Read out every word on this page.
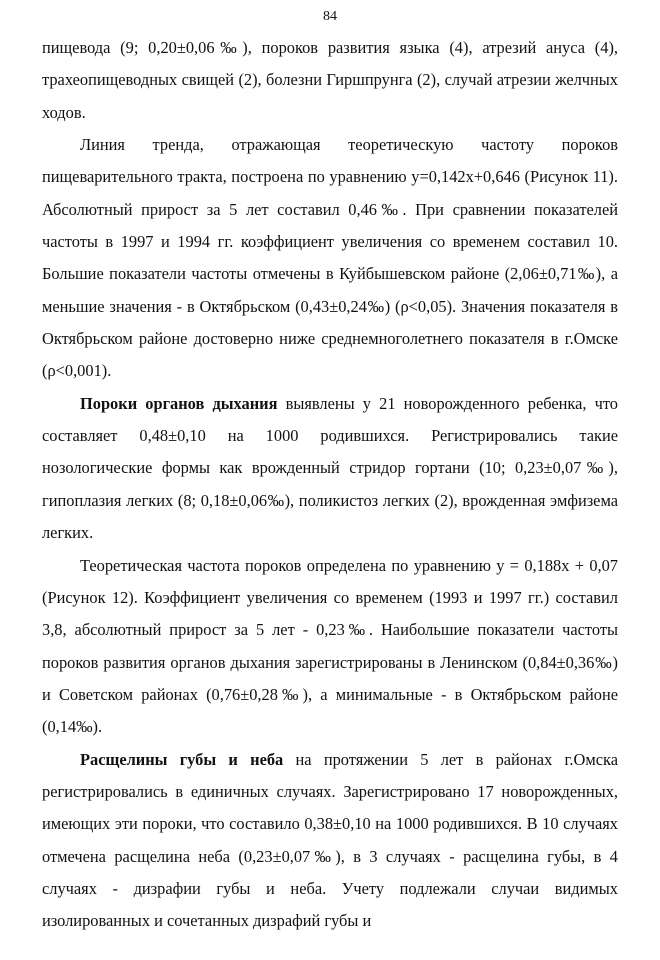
84

пищевода (9; 0,20±0,06‰), пороков развития языка (4), атрезий ануса (4), трахеопищеводных свищей (2), болезни Гиршпрунга (2), случай атрезии желчных ходов.

Линия тренда, отражающая теоретическую частоту пороков пищеварительного тракта, построена по уравнению y=0,142x+0,646 (Рисунок 11). Абсолютный прирост за 5 лет составил 0,46‰. При сравнении показателей частоты в 1997 и 1994 гг. коэффициент увеличения со временем составил 10. Большие показатели частоты отмечены в Куйбышевском районе (2,06±0,71‰), а меньшие значения - в Октябрьском (0,43±0,24‰) (ρ<0,05). Значения показателя в Октябрьском районе достоверно ниже среднемноголетнего показателя в г.Омске (ρ<0,001).

Пороки органов дыхания выявлены у 21 новорожденного ребенка, что составляет 0,48±0,10 на 1000 родившихся. Регистрировались такие нозологические формы как врожденный стридор гортани (10; 0,23±0,07‰), гипоплазия легких (8; 0,18±0,06‰), поликистоз легких (2), врожденная эмфизема легких.

Теоретическая частота пороков определена по уравнению y = 0,188x + 0,07 (Рисунок 12). Коэффициент увеличения со временем (1993 и 1997 гг.) составил 3,8, абсолютный прирост за 5 лет - 0,23‰. Наибольшие показатели частоты пороков развития органов дыхания зарегистрированы в Ленинском (0,84±0,36‰) и Советском районах (0,76±0,28‰), а минимальные - в Октябрьском районе (0,14‰).

Расщелины губы и неба на протяжении 5 лет в районах г.Омска регистрировались в единичных случаях. Зарегистрировано 17 новорожденных, имеющих эти пороки, что составило 0,38±0,10 на 1000 родившихся. В 10 случаях отмечена расщелина неба (0,23±0,07‰), в 3 случаях - расщелина губы, в 4 случаях - дизрафии губы и неба. Учету подлежали случаи видимых изолированных и сочетанных дизрафий губы и
